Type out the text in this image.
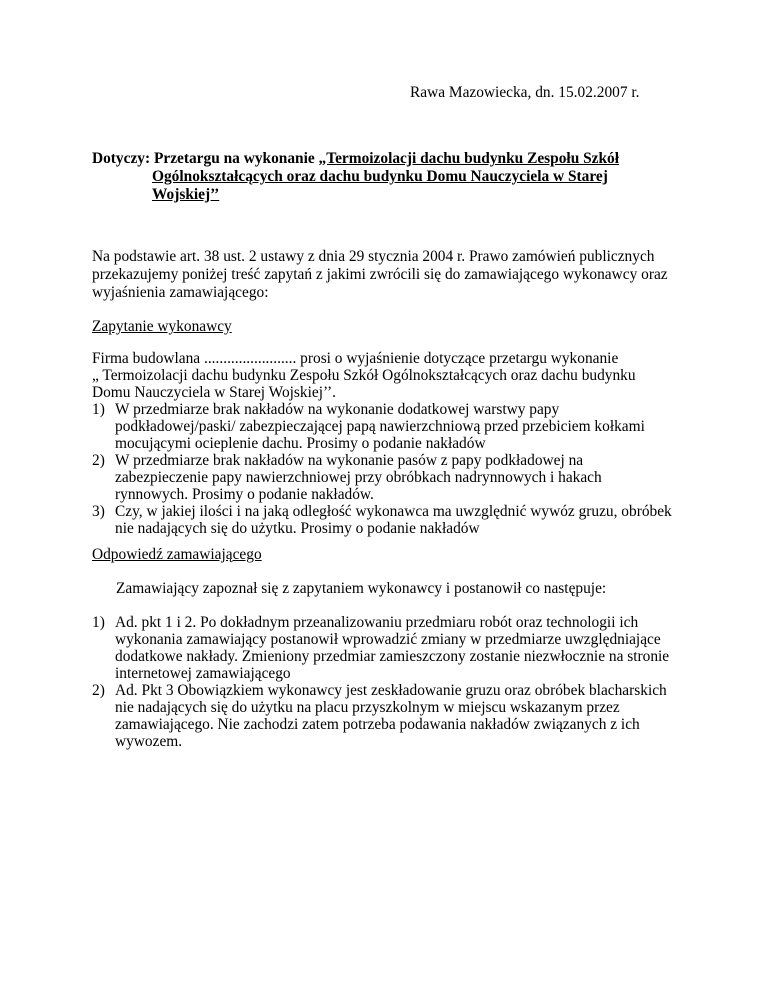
Rawa Mazowiecka, dn. 15.02.2007 r.
Dotyczy: Przetargu na wykonanie „Termoizolacji dachu budynku Zespołu Szkół
Ogólnokształcących oraz dachu budynku Domu Nauczyciela w Starej
Wojskiej’’
Na podstawie art. 38 ust. 2 ustawy z dnia 29 stycznia 2004 r. Prawo zamówień publicznych
przekazujemy poniżej treść zapytań z jakimi zwrócili się do zamawiającego wykonawcy oraz
wyjaśnienia zamawiającego:
Zapytanie wykonawcy
Firma budowlana ........................ prosi o wyjaśnienie dotyczące przetargu wykonanie
„ Termoizolacji dachu budynku Zespołu Szkół Ogólnokształcących oraz dachu budynku
Domu Nauczyciela w Starej Wojskiej’’.
1) W przedmiarze brak nakładów na wykonanie dodatkowej warstwy papy
podkładowej/paski/ zabezpieczającej papą nawierzchniową przed przebiciem kołkami
mocującymi ocieplenie dachu. Prosimy o podanie nakładów
2) W przedmiarze brak nakładów na wykonanie pasów z papy podkładowej na
zabezpieczenie papy nawierzchniowej przy obróbkach nadrynnowych i hakach
rynnowych. Prosimy o podanie nakładów.
3) Czy, w jakiej ilości i na jaką odległość wykonawca ma uwzględnić wywóz gruzu, obróbek
nie nadających się do użytku. Prosimy o podanie nakładów
Odpowiedź zamawiającego
Zamawiający zapoznał się z zapytaniem wykonawcy i postanowił co następuje:
1) Ad. pkt 1 i 2. Po dokładnym przeanalizowaniu przedmiaru robót oraz technologii ich
wykonania zamawiający postanowił wprowadzić zmiany w przedmiarze uwzględniające
dodatkowe nakłady. Zmieniony przedmiar zamieszczony zostanie niezwłocznie na stronie
internetowej zamawiającego
2) Ad. Pkt 3 Obowiązkiem wykonawcy jest zeskładowanie gruzu oraz obróbek blacharskich
nie nadających się do użytku na placu przyszkolnym w miejscu wskazanym przez
zamawiającego. Nie zachodzi zatem potrzeba podawania nakładów związanych z ich
wywozem.
